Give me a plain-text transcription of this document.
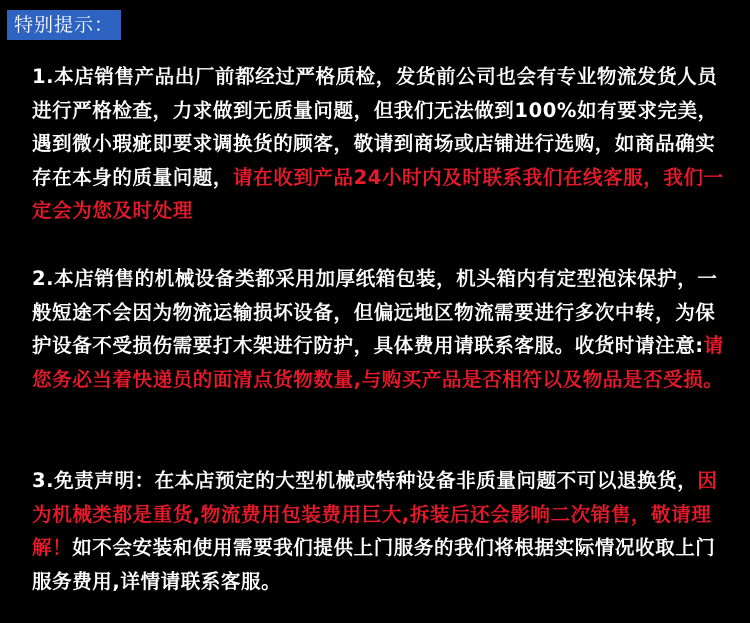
特别提示：

1.本店销售产品出厂前都经过严格质检，发货前公司也会有专业物流发货人员进行严格检查，力求做到无质量问题，但我们无法做到100%如有要求完美，遇到微小瑕疵即要求调换货的顾客，敬请到商场或店铺进行选购，如商品确实存在本身的质量问题，请在收到产品24小时内及时联系我们在线客服，我们一定会为您及时处理

2.本店销售的机械设备类都采用加厚纸箱包装，机头箱内有定型泡沫保护，一般短途不会因为物流运输损坏设备，但偏远地区物流需要进行多次中转，为保护设备不受损伤需要打木架进行防护，具体费用请联系客服。收货时请注意:请您务必当着快递员的面清点货物数量,与购买产品是否相符以及物品是否受损。

3.免责声明：在本店预定的大型机械或特种设备非质量问题不可以退换货，因为机械类都是重货,物流费用包装费用巨大,拆装后还会影响二次销售，敬请理解！如不会安装和使用需要我们提供上门服务的我们将根据实际情况收取上门服务费用,详情请联系客服。
